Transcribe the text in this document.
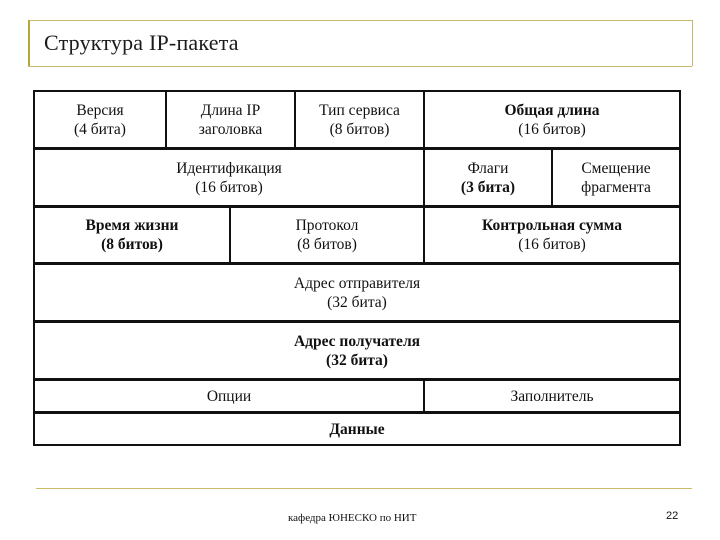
Структура IP-пакета
Версия
(4 бита)
Длина IP
заголовка
Тип сервиса
(8 битов)
Общая длина
(16 битов)
Идентификация
(16 битов)
Флаги
(3 бита)
Смещение
фрагмента
Время жизни
(8 битов)
Протокол
(8 битов)
Контрольная сумма
(16 битов)
Адрес отправителя
(32 бита)
Адрес получателя
(32 бита)
Опции	Заполнитель
Данные
кафедра ЮНЕСКО по НИТ	22
